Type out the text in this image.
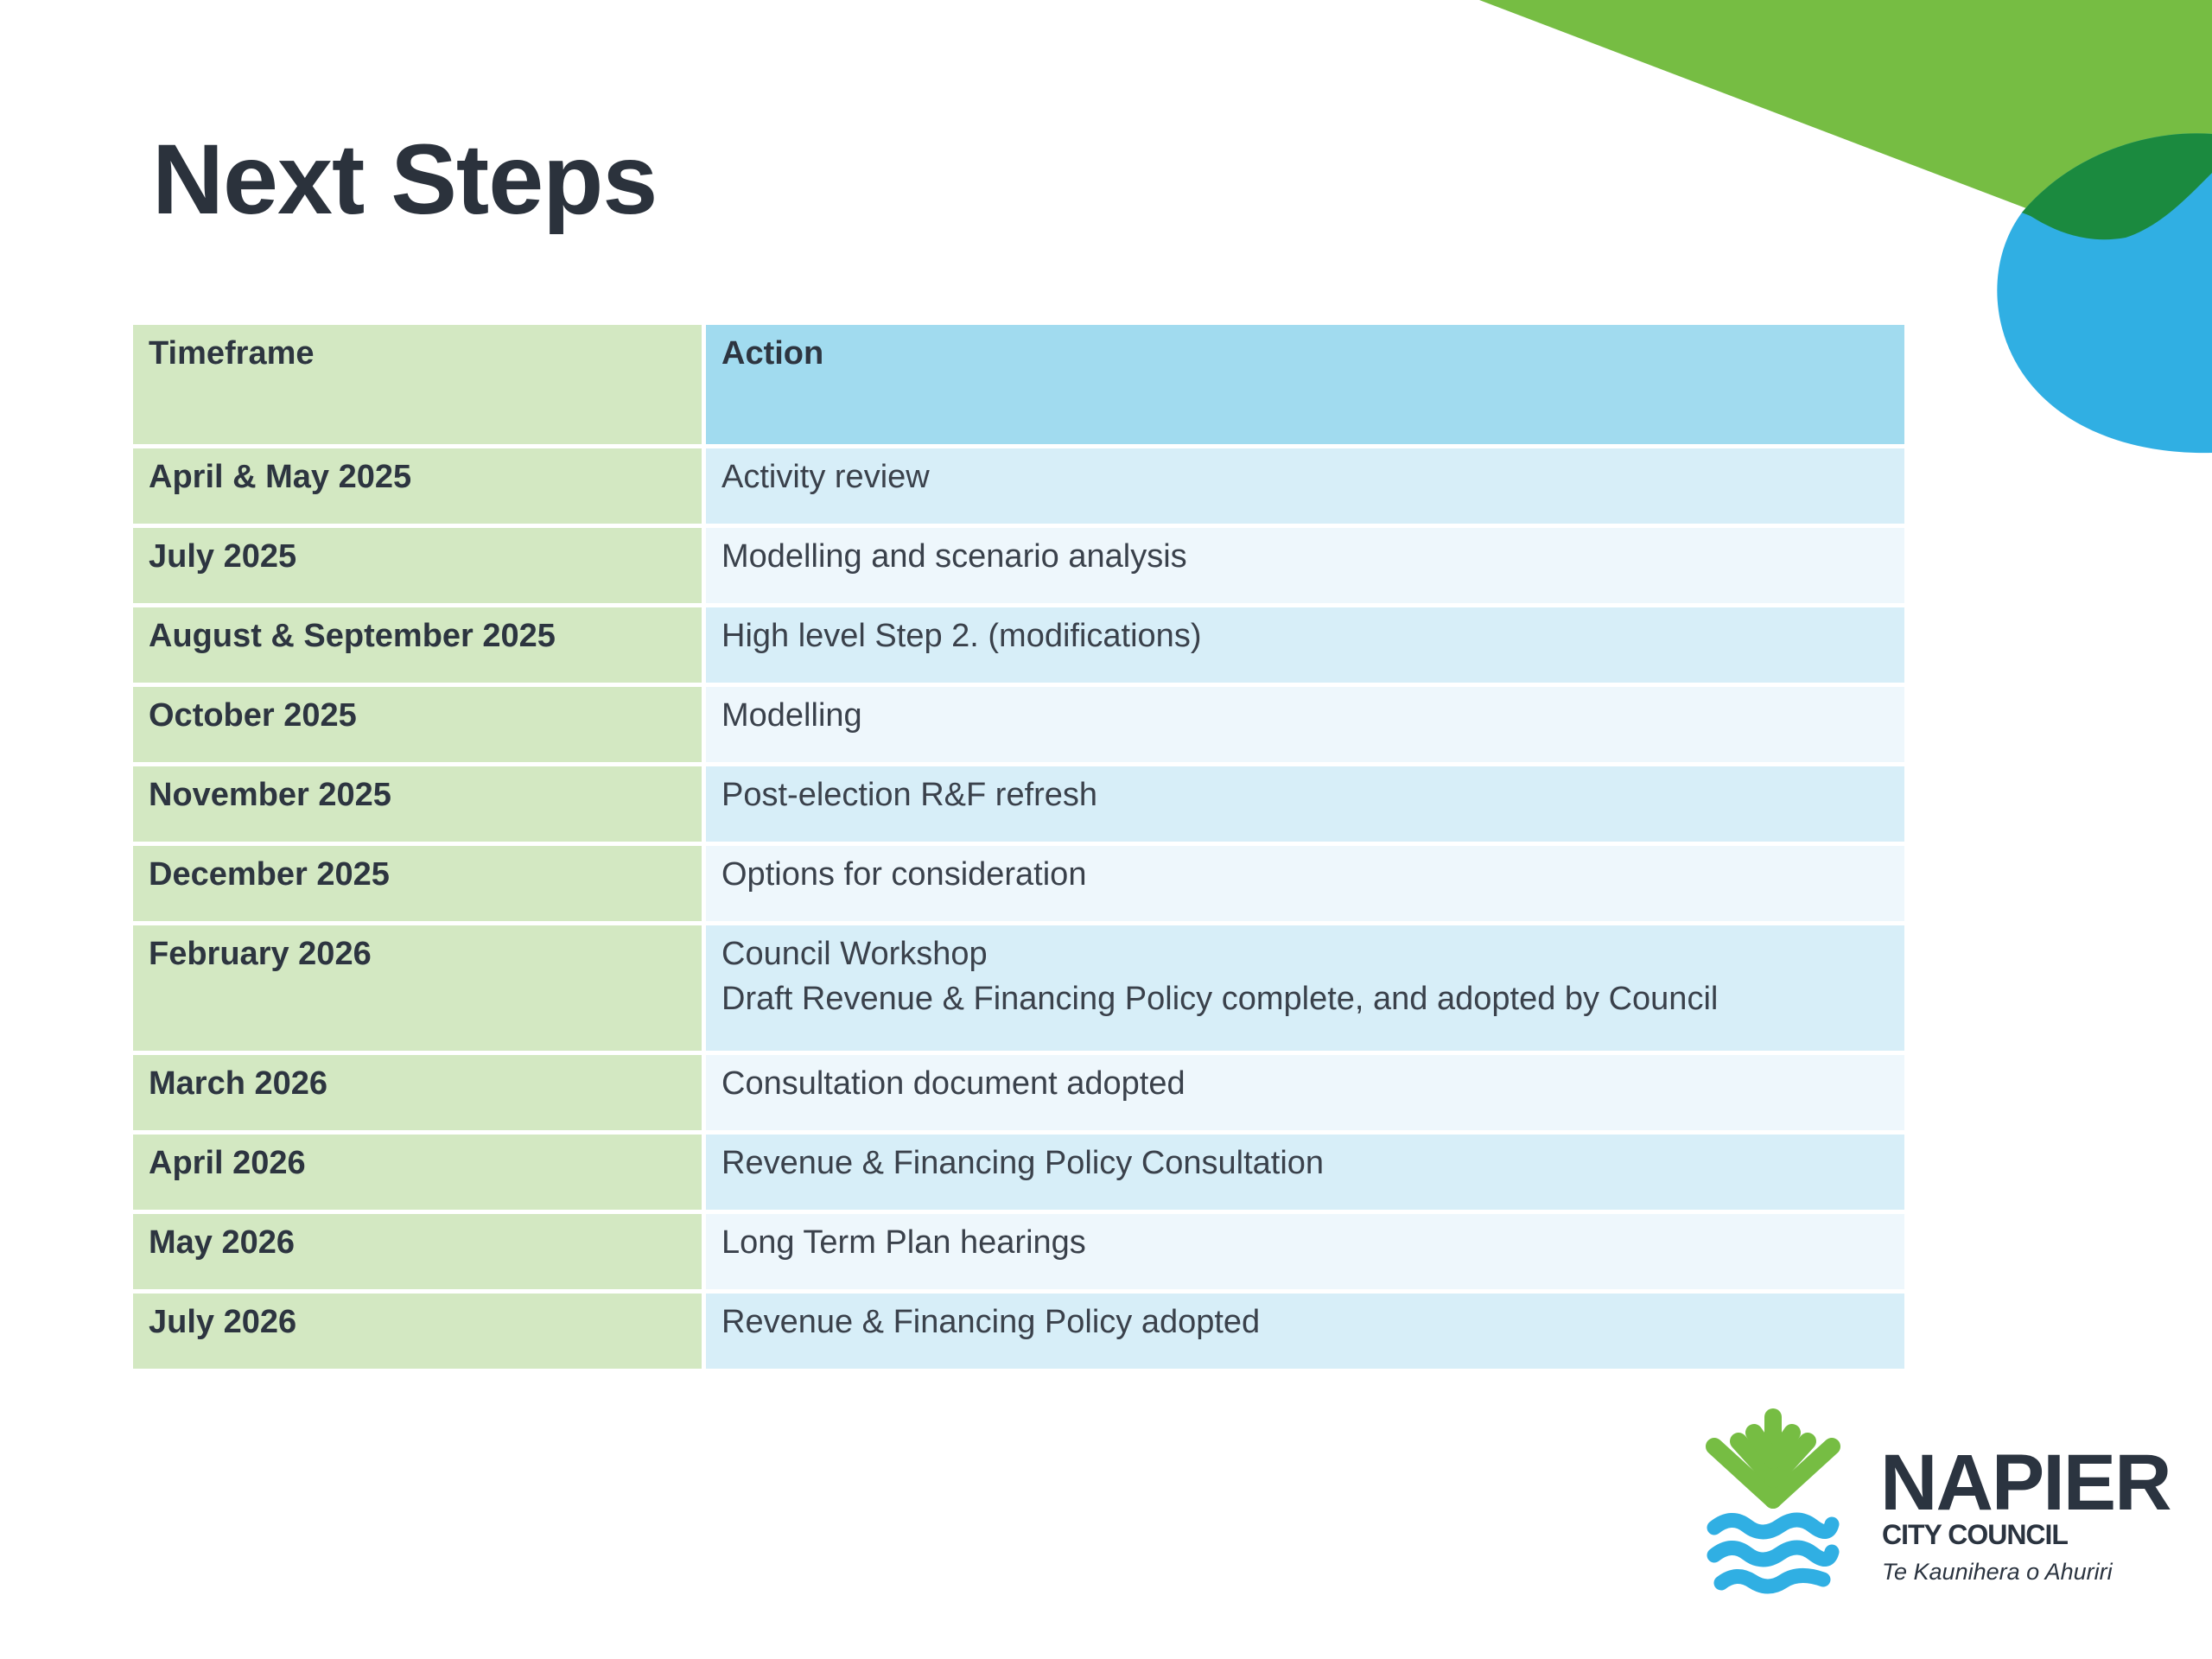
Next Steps
Timeframe	Action
April & May 2025	Activity review

July 2025	Modelling and scenario analysis

August & September 2025	High level Step 2. (modifications)

October 2025	Modelling

November 2025	Post-election R&F refresh

December 2025	Options for consideration

February 2026	Council Workshop
Draft Revenue & Financing Policy complete, and adopted by Council

March 2026	Consultation document adopted

April 2026	Revenue & Financing Policy Consultation

May 2026	Long Term Plan hearings

July 2026	Revenue & Financing Policy adopted
NAPIER
CITY COUNCIL
Te Kaunihera o Ahuriri
